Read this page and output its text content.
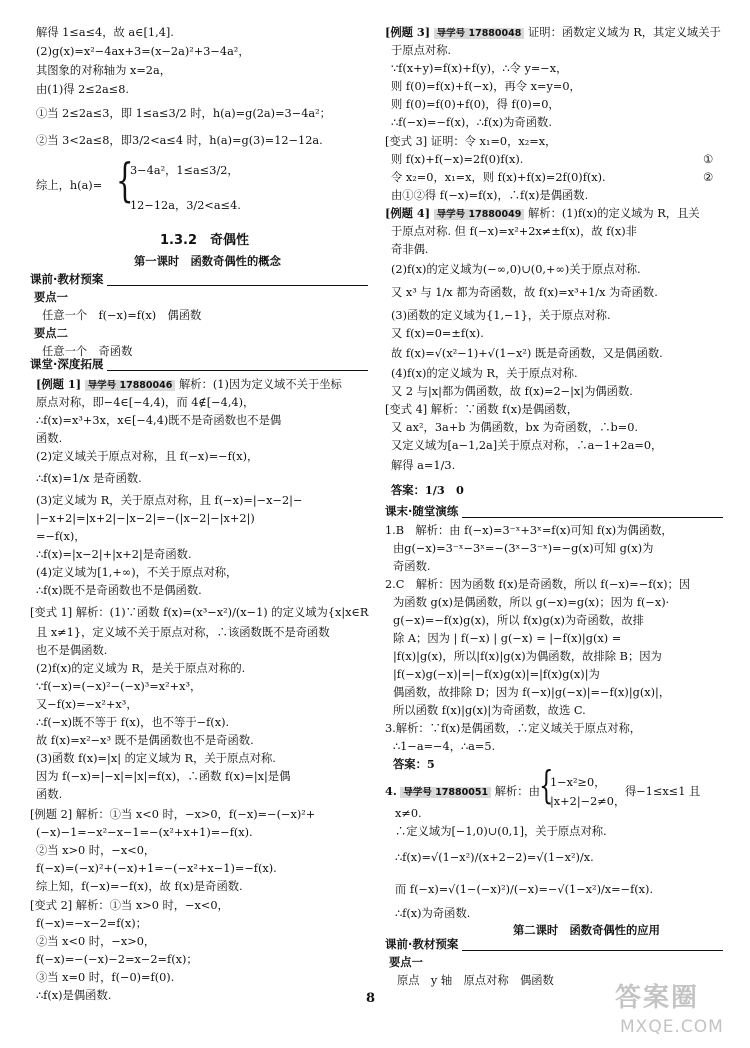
解得 1≤a≤4，故 a∈[1,4].
(2)g(x)=x²−4ax+3=(x−2a)²+3−4a²，
其图象的对称轴为 x=2a，
由(1)得 2≤2a≤8.
①当 2≤2a≤3，即 1≤a≤3/2 时，h(a)=g(2a)=3−4a²；
②当 3<2a≤8，即3/2<a≤4 时，h(a)=g(3)=12−12a.
综上，h(a)= {
3−4a²，1≤a≤3/2，
12−12a，3/2<a≤4.
1.3.2　奇偶性
第一课时　函数奇偶性的概念
课前·教材预案
要点一
任意一个　f(−x)=f(x)　偶函数
要点二
任意一个　奇函数
课堂·深度拓展
[例题 1] 导学号 17880046 解析：(1)因为定义域不关于坐标
原点对称，即−4∈[−4,4)，而 4∉[−4,4)，
∴f(x)=x³+3x，x∈[−4,4)既不是奇函数也不是偶
函数.
(2)定义域关于原点对称，且 f(−x)=−f(x)，
∴f(x)=1/x 是奇函数.
(3)定义域为 R，关于原点对称，且 f(−x)=|−x−2|−
|−x+2|=|x+2|−|x−2|=−(|x−2|−|x+2|)
=−f(x)，
∴f(x)=|x−2|+|x+2|是奇函数.
(4)定义域为[1,+∞)，不关于原点对称，
∴f(x)既不是奇函数也不是偶函数.
[变式 1] 解析：(1)∵函数 f(x)=(x³−x²)/(x−1) 的定义域为{x|x∈R
且 x≠1}，定义域不关于原点对称，∴该函数既不是奇函数
也不是偶函数.
(2)f(x)的定义域为 R，是关于原点对称的.
∵f(−x)=(−x)²−(−x)³=x²+x³，
又−f(x)=−x²+x³，
∴f(−x)既不等于 f(x)，也不等于−f(x).
故 f(x)=x²−x³ 既不是偶函数也不是奇函数.
(3)函数 f(x)=|x| 的定义域为 R，关于原点对称.
因为 f(−x)=|−x|=|x|=f(x)，∴函数 f(x)=|x|是偶
函数.
[例题 2] 解析：①当 x<0 时，−x>0，f(−x)=−(−x)²+
(−x)−1=−x²−x−1=−(x²+x+1)=−f(x).
②当 x>0 时，−x<0，
f(−x)=(−x)²+(−x)+1=−(−x²+x−1)=−f(x).
综上知，f(−x)=−f(x)，故 f(x)是奇函数.
[变式 2] 解析：①当 x>0 时，−x<0，
f(−x)=−x−2=f(x)；
②当 x<0 时，−x>0，
f(−x)=−(−x)−2=x−2=f(x)；
③当 x=0 时，f(−0)=f(0).
∴f(x)是偶函数.
[例题 3] 导学号 17880048 证明：函数定义域为 R，其定义域关于
于原点对称.
∵f(x+y)=f(x)+f(y)，∴令 y=−x，
则 f(0)=f(x)+f(−x)，再令 x=y=0，
则 f(0)=f(0)+f(0)，得 f(0)=0，
∴f(−x)=−f(x)，∴f(x)为奇函数.
[变式 3] 证明：令 x₁=0，x₂=x，
则 f(x)+f(−x)=2f(0)f(x).	①
令 x₂=0，x₁=x，则 f(x)+f(x)=2f(0)f(x).	②
由①②得 f(−x)=f(x)，∴f(x)是偶函数.
[例题 4] 导学号 17880049 解析：(1)f(x)的定义域为 R，且关
于原点对称. 但 f(−x)=x²+2x≠±f(x)，故 f(x)非
奇非偶.
(2)f(x)的定义域为(−∞,0)∪(0,+∞)关于原点对称.
又 x³ 与 1/x 都为奇函数，故 f(x)=x³+1/x 为奇函数.
(3)函数的定义域为{1,−1}，关于原点对称.
又 f(x)=0=±f(x).
故 f(x)=√(x²−1)+√(1−x²) 既是奇函数，又是偶函数.
(4)f(x)的定义域为 R，关于原点对称.
又 2 与|x|都为偶函数，故 f(x)=2−|x|为偶函数.
[变式 4] 解析：∵函数 f(x)是偶函数，
又 ax²，3a+b 为偶函数，bx 为奇函数，∴b=0.
又定义域为[a−1,2a]关于原点对称，∴a−1+2a=0，
解得 a=1/3.
答案：1/3　0
课末·随堂演练
1.B　解析：由 f(−x)=3⁻ˣ+3ˣ=f(x)可知 f(x)为偶函数，
由g(−x)=3⁻ˣ−3ˣ=−(3ˣ−3⁻ˣ)=−g(x)可知 g(x)为
奇函数.
2.C　解析：因为函数 f(x)是奇函数，所以 f(−x)=−f(x)；因
为函数 g(x)是偶函数，所以 g(−x)=g(x)；因为 f(−x)·
g(−x)=−f(x)g(x)，所以 f(x)g(x)为奇函数，故排
除 A；因为 | f(−x) | g(−x) = |−f(x)|g(x) =
|f(x)|g(x)，所以|f(x)|g(x)为偶函数，故排除 B；因为
|f(−x)g(−x)|=|−f(x)g(x)|=|f(x)g(x)|为
偶函数，故排除 D；因为 f(−x)|g(−x)|=−f(x)|g(x)|，
所以函数 f(x)|g(x)|为奇函数，故选 C.
3.解析：∵f(x)是偶函数，∴定义域关于原点对称，
∴1−a=−4，∴a=5.
答案：5
4. 导学号 17880051 解析：由 {
1−x²≥0，
|x+2|−2≠0，
得−1≤x≤1 且
x≠0.
∴定义域为[−1,0)∪(0,1]，关于原点对称.
∴f(x)=√(1−x²)/(x+2−2)=√(1−x²)/x.
而 f(−x)=√(1−(−x)²)/(−x)=−√(1−x²)/x=−f(x).
∴f(x)为奇函数.
第二课时　函数奇偶性的应用
课前·教材预案
要点一
原点　y 轴　原点对称　偶函数
8	答案圈
MXQE.COM
